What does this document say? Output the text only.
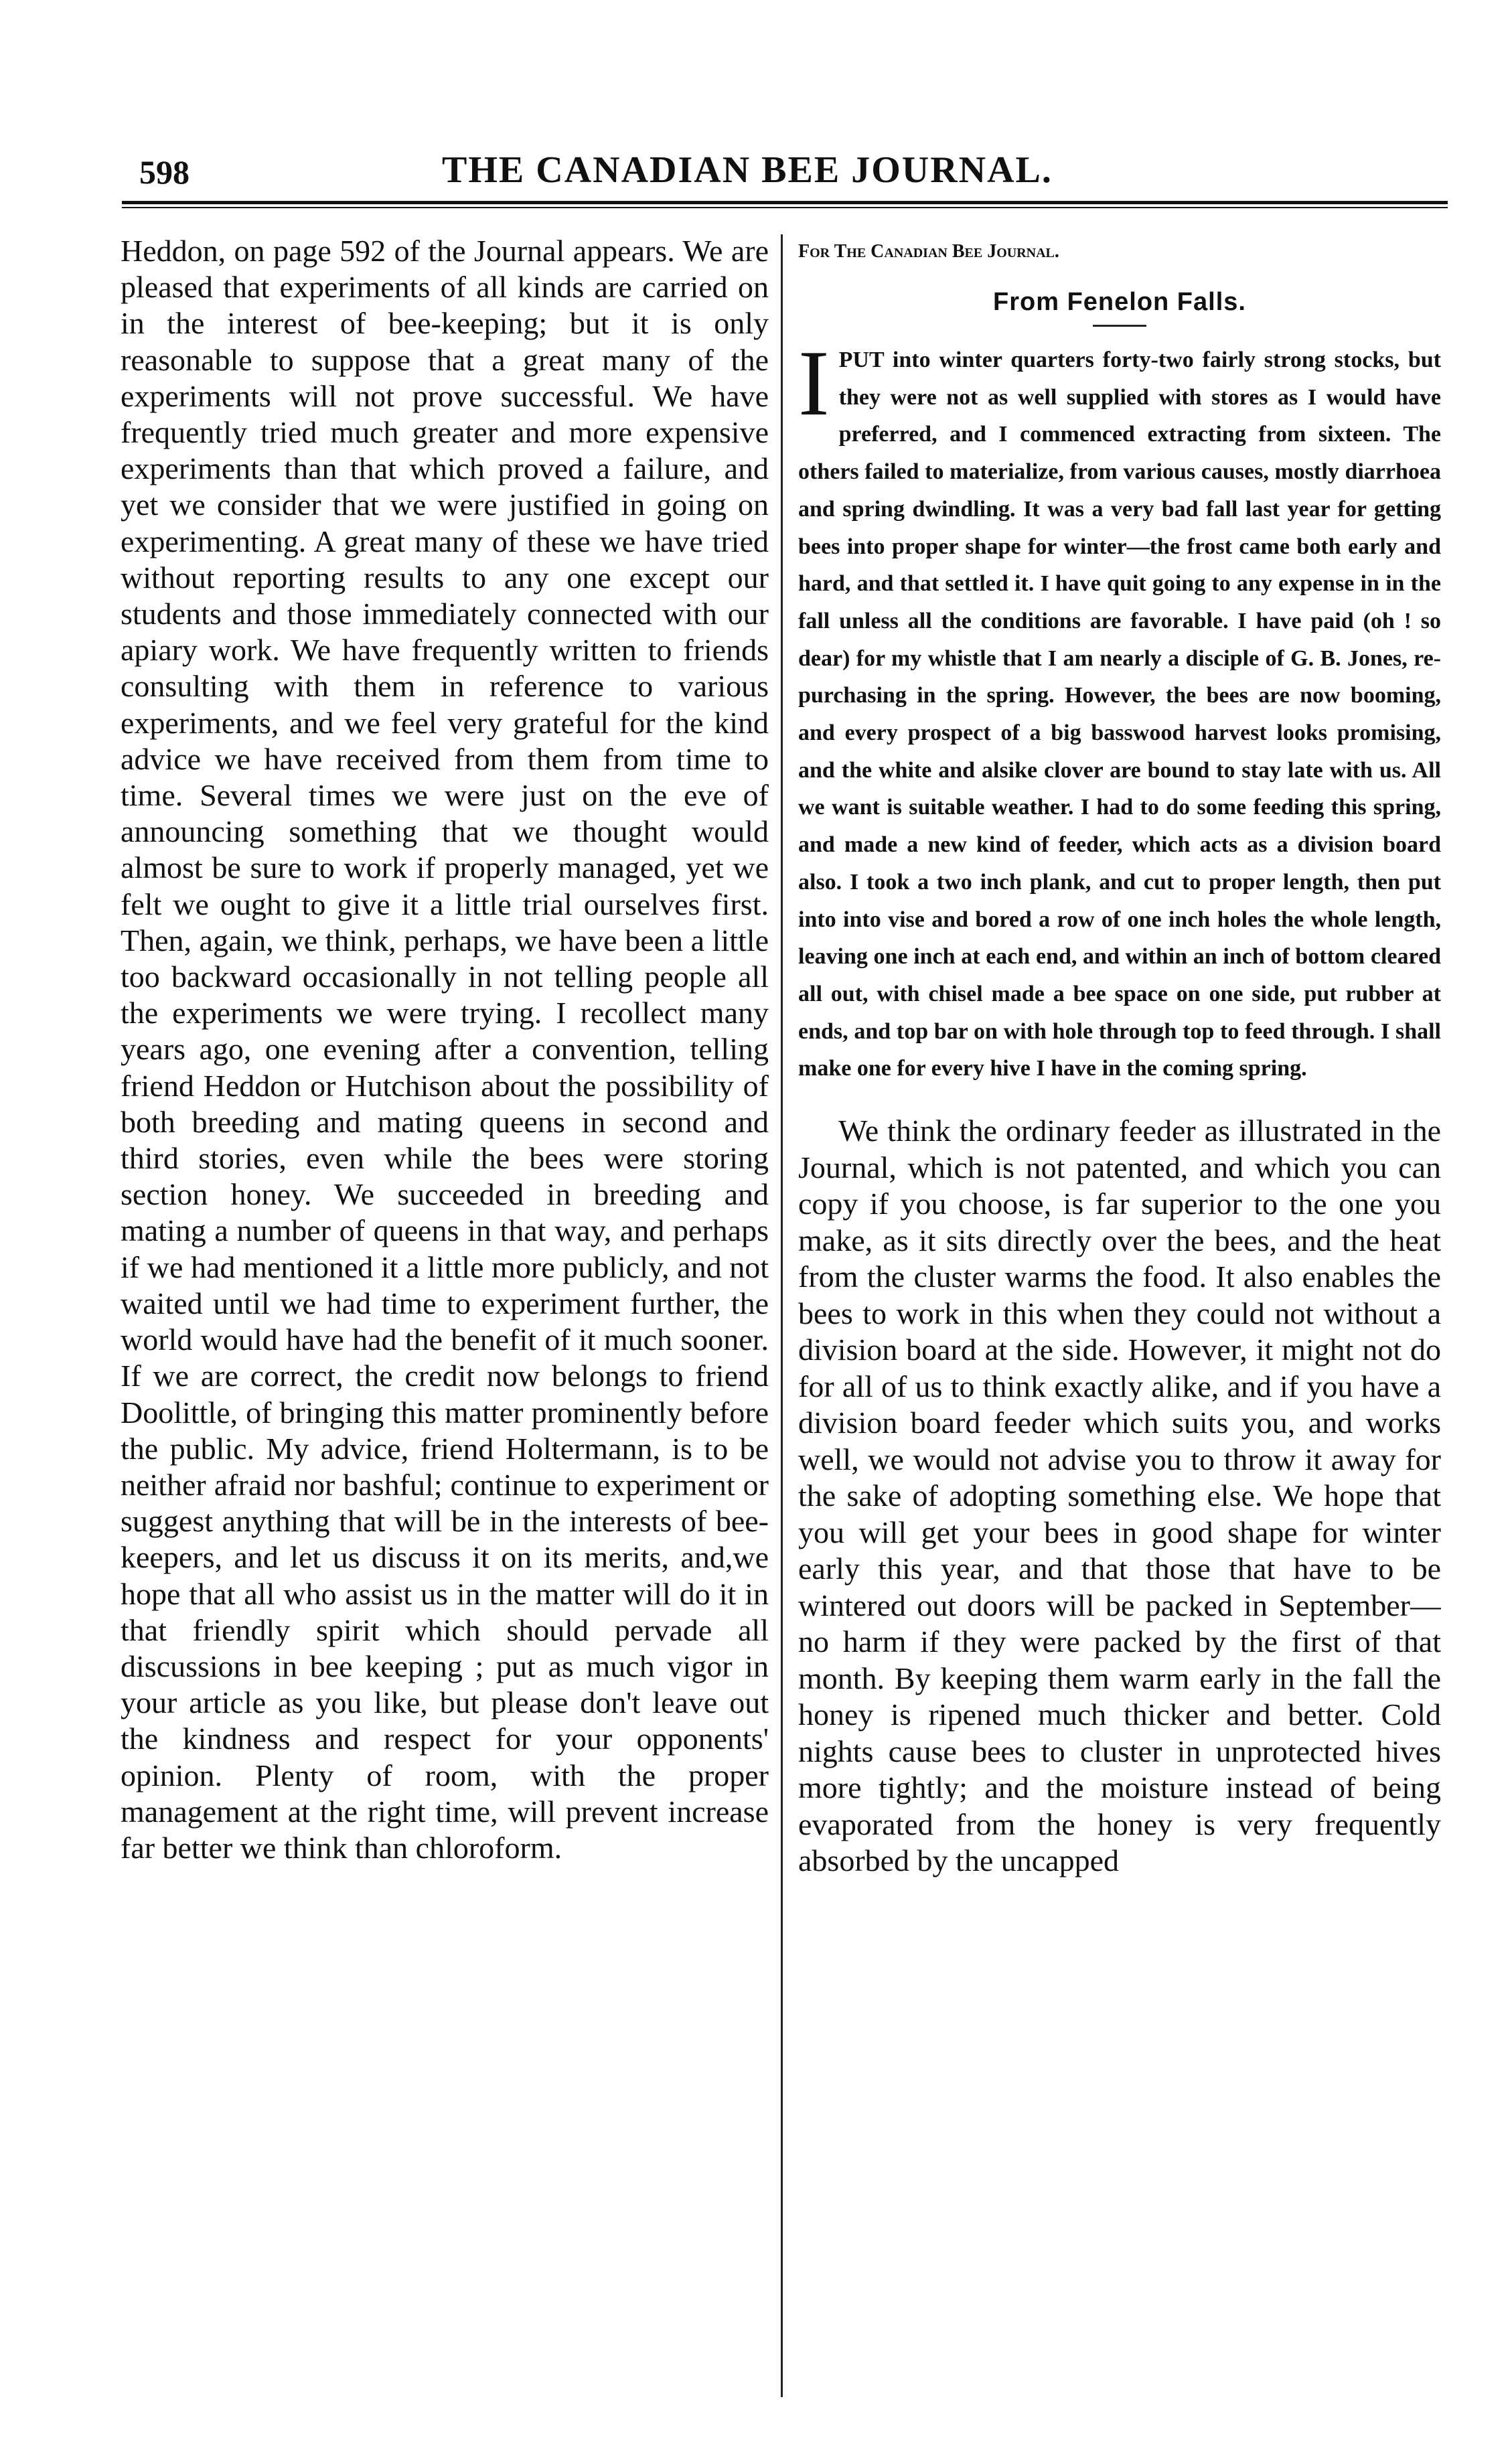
598	THE CANADIAN BEE JOURNAL.

Heddon, on page 592 of the Journal appears. We are pleased that experiments of all kinds are carried on in the interest of bee-keeping; but it is only reasonable to suppose that a great many of the experiments will not prove successful. We have frequently tried much greater and more expensive experiments than that which proved a failure, and yet we consider that we were justified in going on experimenting. A great many of these we have tried without reporting results to any one except our students and those immediately connected with our apiary work. We have frequently written to friends consulting with them in reference to various experiments, and we feel very grateful for the kind advice we have received from them from time to time. Several times we were just on the eve of announcing something that we thought would almost be sure to work if properly managed, yet we felt we ought to give it a little trial ourselves first. Then, again, we think, perhaps, we have been a little too backward occasionally in not telling people all the experiments we were trying. I recollect many years ago, one evening after a convention, telling friend Heddon or Hutchison about the possibility of both breeding and mating queens in second and third stories, even while the bees were storing section honey. We succeeded in breeding and mating a number of queens in that way, and perhaps if we had mentioned it a little more publicly, and not waited until we had time to experiment further, the world would have had the benefit of it much sooner. If we are correct, the credit now belongs to friend Doolittle, of bringing this matter prominently before the public. My advice, friend Holtermann, is to be neither afraid nor bashful; continue to experiment or suggest anything that will be in the interests of bee-keepers, and let us discuss it on its merits, and,we hope that all who assist us in the matter will do it in that friendly spirit which should pervade all discussions in bee keeping ; put as much vigor in your article as you like, but please don't leave out the kindness and respect for your opponents' opinion. Plenty of room, with the proper management at the right time, will prevent increase far better we think than chloroform.

For The Canadian Bee Journal.

From Fenelon Falls.

IPUT into winter quarters forty-two fairly strong stocks, but they were not as well supplied with stores as I would have preferred, and I commenced extracting from sixteen. The others failed to materialize, from various causes, mostly diarrhoea and spring dwindling. It was a very bad fall last year for getting bees into proper shape for winter—the frost came both early and hard, and that settled it. I have quit going to any expense in in the fall unless all the conditions are favorable. I have paid (oh ! so dear) for my whistle that I am nearly a disciple of G. B. Jones, re-purchasing in the spring. However, the bees are now booming, and every prospect of a big basswood harvest looks promising, and the white and alsike clover are bound to stay late with us. All we want is suitable weather. I had to do some feeding this spring, and made a new kind of feeder, which acts as a division board also. I took a two inch plank, and cut to proper length, then put into into vise and bored a row of one inch holes the whole length, leaving one inch at each end, and within an inch of bottom cleared all out, with chisel made a bee space on one side, put rubber at ends, and top bar on with hole through top to feed through. I shall make one for every hive I have in the coming spring.

We think the ordinary feeder as illustrated in the Journal, which is not patented, and which you can copy if you choose, is far superior to the one you make, as it sits directly over the bees, and the heat from the cluster warms the food. It also enables the bees to work in this when they could not without a division board at the side. However, it might not do for all of us to think exactly alike, and if you have a division board feeder which suits you, and works well, we would not advise you to throw it away for the sake of adopting something else. We hope that you will get your bees in good shape for winter early this year, and that those that have to be wintered out doors will be packed in September—no harm if they were packed by the first of that month. By keeping them warm early in the fall the honey is ripened much thicker and better. Cold nights cause bees to cluster in unprotected hives more tightly; and the moisture instead of being evaporated from the honey is very frequently absorbed by the uncapped
